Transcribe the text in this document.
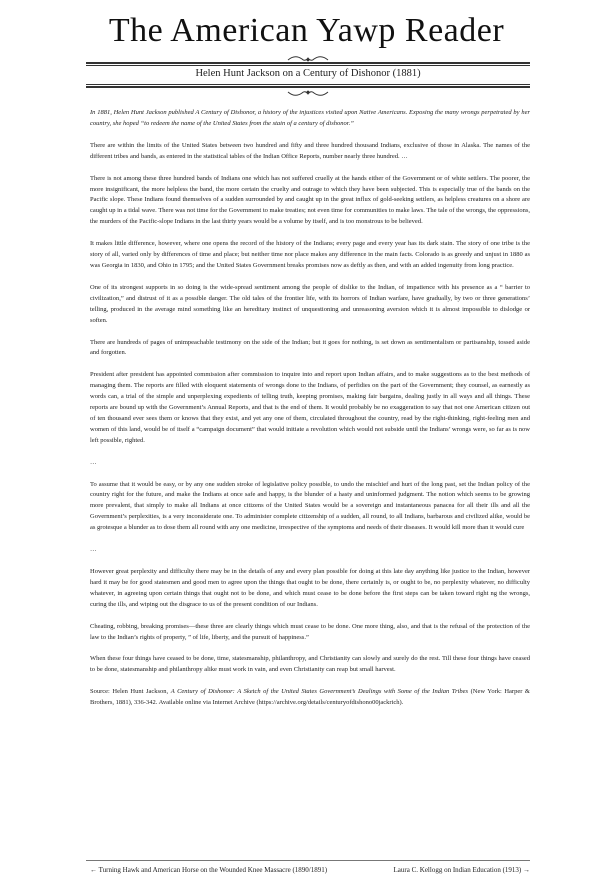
The American Yawp Reader
Helen Hunt Jackson on a Century of Dishonor (1881)

In 1881, Helen Hunt Jackson published A Century of Dishonor, a history of the injustices visited upon Native Americans. Exposing the many wrongs perpetrated by her country, she hoped “to redeem the name of the United States from the stain of a century of dishonor.”

There are within the limits of the United States between two hundred and fifty and three hundred thousand Indians, exclusive of those in Alaska. The names of the different tribes and bands, as entered in the statistical tables of the Indian Office Reports, number nearly three hundred. …

There is not among these three hundred bands of Indians one which has not suffered cruelly at the hands either of the Government or of white settlers. The poorer, the more insignificant, the more helpless the band, the more certain the cruelty and outrage to which they have been subjected. This is especially true of the bands on the Pacific slope. These Indians found themselves of a sudden surrounded by and caught up in the great influx of gold-seeking settlers, as helpless creatures on a shore are caught up in a tidal wave. There was not time for the Government to make treaties; not even time for communities to make laws. The tale of the wrongs, the oppressions, the murders of the Pacific-slope Indians in the last thirty years would be a volume by itself, and is too monstrous to be believed.

It makes little difference, however, where one opens the record of the history of the Indians; every page and every year has its dark stain. The story of one tribe is the story of all, varied only by differences of time and place; but neither time nor place makes any difference in the main facts. Colorado is as greedy and unjust in 1880 as was Georgia in 1830, and Ohio in 1795; and the United States Government breaks promises now as deftly as then, and with an added ingenuity from long practice.

One of its strongest supports in so doing is the wide-spread sentiment among the people of dislike to the Indian, of impatience with his presence as a “ barrier to civilization,” and distrust of it as a possible danger. The old tales of the frontier life, with its horrors of Indian warfare, have gradually, by two or three generations’ telling, produced in the average mind something like an hereditary instinct of unquestioning and unreasoning aversion which it is almost impossible to dislodge or soften.

There are hundreds of pages of unimpeachable testimony on the side of the Indian; but it goes for nothing, is set down as sentimentalism or partisanship, tossed aside and forgotten.

President after president has appointed commission after commission to inquire into and report upon Indian affairs, and to make suggestions as to the best methods of managing them. The reports are filled with eloquent statements of wrongs done to the Indians, of perfidies on the part of the Government; they counsel, as earnestly as words can, a trial of the simple and unperplexing expedients of telling truth, keeping promises, making fair bargains, dealing justly in all ways and all things. These reports are bound up with the Government’s Annual Reports, and that is the end of them. It would probably be no exaggeration to say that not one American citizen out of ten thousand ever sees them or knows that they exist, and yet any one of them, circulated throughout the country, read by the right-thinking, right-feeling men and women of this land, would be of itself a “campaign document” that would initiate a revolution which would not subside until the Indians’ wrongs were, so far as is now left possible, righted.

…

To assume that it would be easy, or by any one sudden stroke of legislative policy possible, to undo the mischief and hurt of the long past, set the Indian policy of the country right for the future, and make the Indians at once safe and happy, is the blunder of a hasty and uninformed judgment. The notion which seems to be growing more prevalent, that simply to make all Indians at once citizens of the United States would be a sovereign and instantaneous panacea for all their ills and all the Government’s perplexities, is a very inconsiderate one. To administer complete citizenship of a sudden, all round, to all Indians, barbarous and civilized alike, would be as grotesque a blunder as to dose them all round with any one medicine, irrespective of the symptoms and needs of their diseases. It would kill more than it would cure

…

However great perplexity and difficulty there may be in the details of any and every plan possible for doing at this late day anything like justice to the Indian, however hard it may be for good statesmen and good men to agree upon the things that ought to be done, there certainly is, or ought to be, no perplexity whatever, no difficulty whatever, in agreeing upon certain things that ought not to be done, and which must cease to be done before the first steps can be taken toward right ng the wrongs, curing the ills, and wiping out the disgrace to us of the present condition of our Indians.

Cheating, robbing, breaking promises—these three are clearly things which must cease to be done. One more thing, also, and that is the refusal of the protection of the law to the Indian’s rights of property, ” of life, liberty, and the pursuit of happiness.”

When these four things have ceased to be done, time, statesmanship, philanthropy, and Christianity can slowly and surely do the rest. Till these four things have ceased to be done, statesmanship and philanthropy alike must work in vain, and even Christianity can reap but small harvest.

Source: Helen Hunt Jackson, A Century of Dishonor: A Sketch of the United States Government’s Dealings with Some of the Indian Tribes (New York: Harper & Brothers, 1881), 336-342. Available online via Internet Archive (https://archive.org/details/centuryofdishono00jackrich).

← Turning Hawk and American Horse on the Wounded Knee Massacre (1890/1891)	Laura C. Kellogg on Indian Education (1913) →
